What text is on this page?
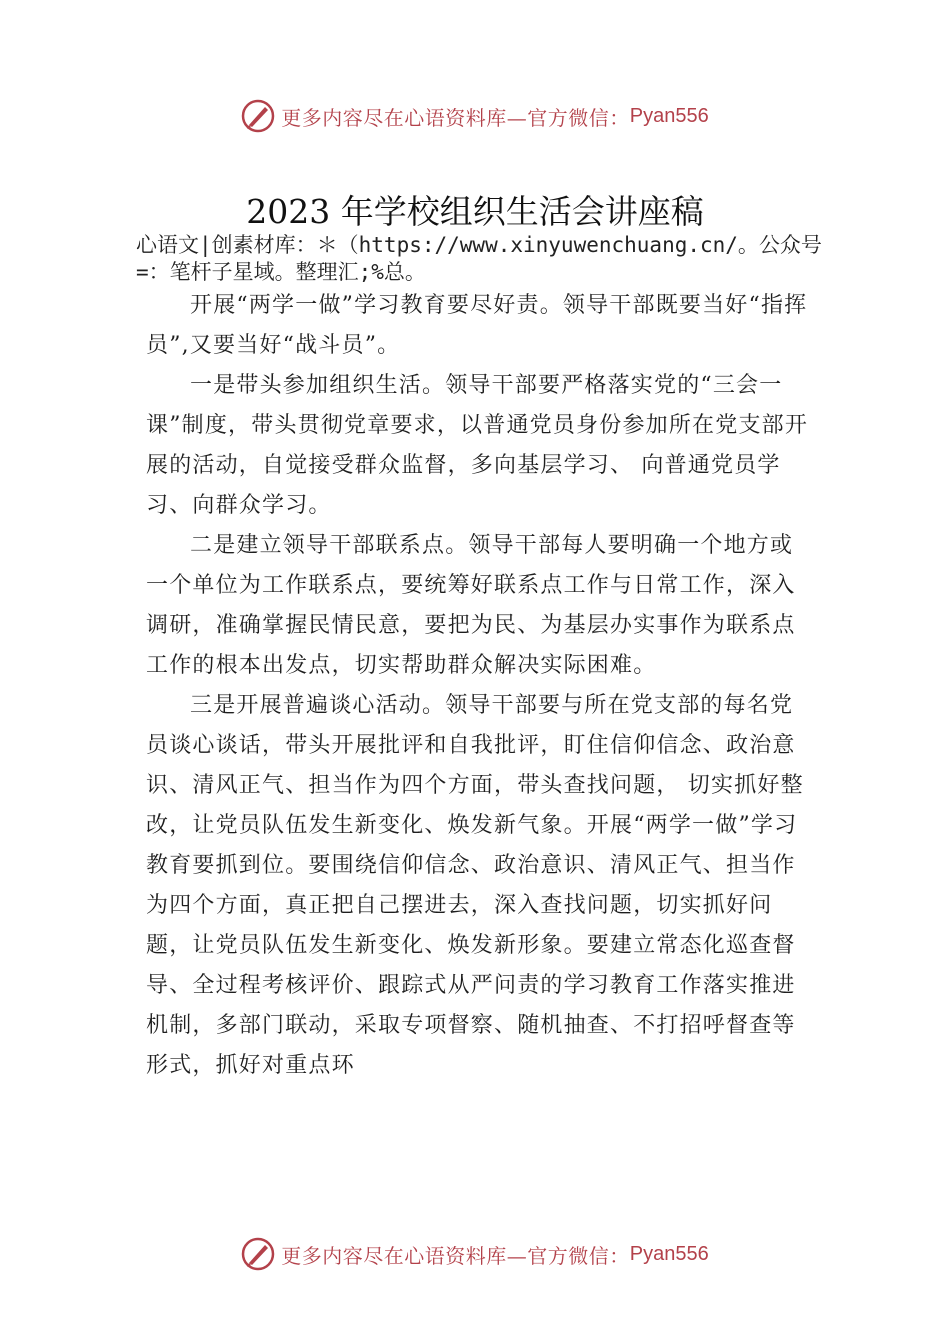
更多内容尽在心语资料库—官方微信： Pyan556
2023 年学校组织生活会讲座稿
心语文|创素材库：＊（https://www.xinyuwenchuang.cn/。公众号=：笔杆子星域。整理汇;%总。

开展“两学一做”学习教育要尽好责。领导干部既要当好“指挥员”,又要当好“战斗员”。

一是带头参加组织生活。领导干部要严格落实党的“三会一课”制度，带头贯彻党章要求，以普通党员身份参加所在党支部开展的活动，自觉接受群众监督，多向基层学习、 向普通党员学习、向群众学习。

二是建立领导干部联系点。领导干部每人要明确一个地方或一个单位为工作联系点，要统筹好联系点工作与日常工作，深入调研，准确掌握民情民意，要把为民、为基层办实事作为联系点工作的根本出发点，切实帮助群众解决实际困难。

三是开展普遍谈心活动。领导干部要与所在党支部的每名党员谈心谈话，带头开展批评和自我批评，盯住信仰信念、政治意识、清风正气、担当作为四个方面，带头查找问题， 切实抓好整改，让党员队伍发生新变化、焕发新气象。开展“两学一做”学习教育要抓到位。要围绕信仰信念、政治意识、清风正气、担当作为四个方面，真正把自己摆进去，深入查找问题，切实抓好问题，让党员队伍发生新变化、焕发新形象。要建立常态化巡查督导、全过程考核评价、跟踪式从严问责的学习教育工作落实推进机制，多部门联动，采取专项督察、随机抽查、不打招呼督查等形式，抓好对重点环

更多内容尽在心语资料库—官方微信： Pyan556
